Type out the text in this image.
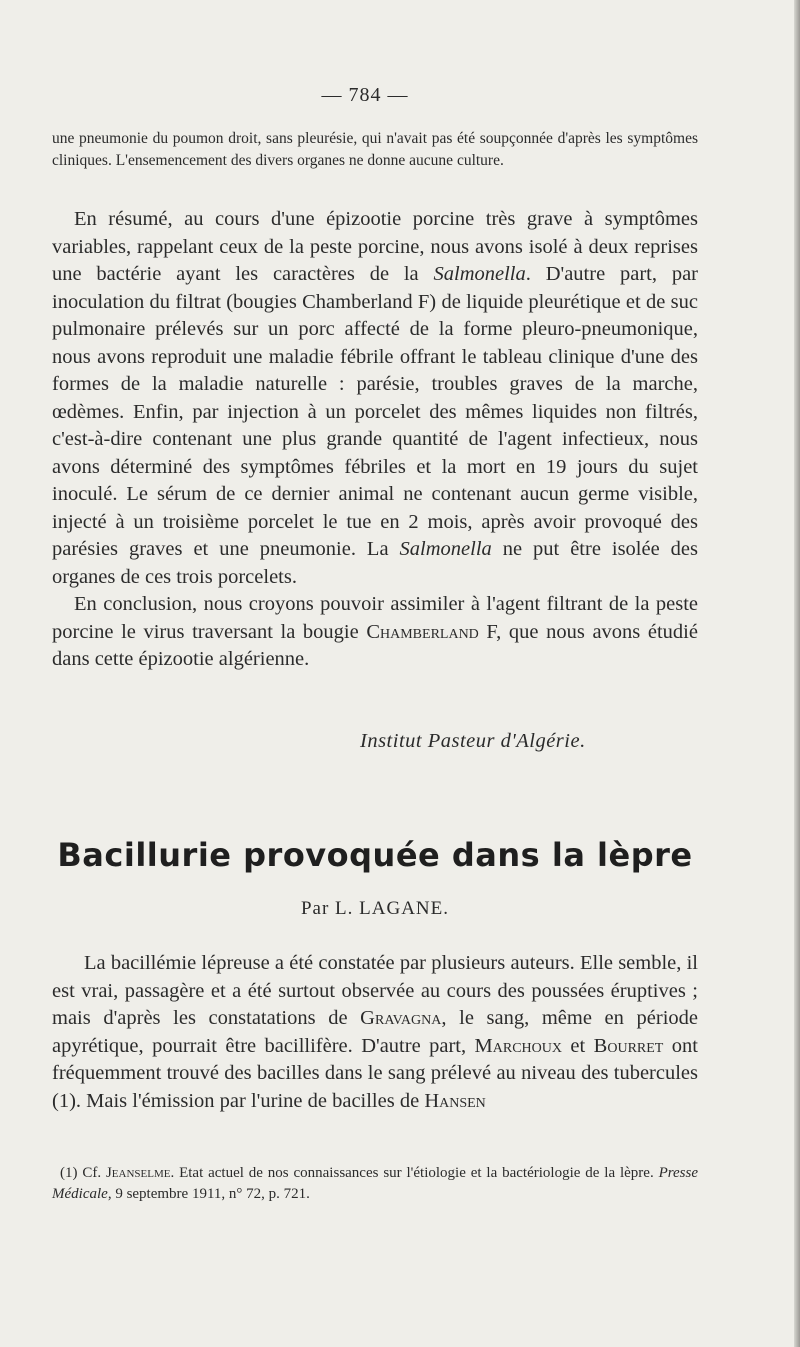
— 784 —

une pneumonie du poumon droit, sans pleurésie, qui n'avait pas été soupçonnée d'après les symptômes cliniques. L'ensemencement des divers organes ne donne aucune culture.

En résumé, au cours d'une épizootie porcine très grave à symptômes variables, rappelant ceux de la peste porcine, nous avons isolé à deux reprises une bactérie ayant les caractères de la Salmonella. D'autre part, par inoculation du filtrat (bougies Chamberland F) de liquide pleurétique et de suc pulmonaire prélevés sur un porc affecté de la forme pleuro-pneumonique, nous avons reproduit une maladie fébrile offrant le tableau clinique d'une des formes de la maladie naturelle : parésie, troubles graves de la marche, œdèmes. Enfin, par injection à un porcelet des mêmes liquides non filtrés, c'est-à-dire contenant une plus grande quantité de l'agent infectieux, nous avons déterminé des symptômes fébriles et la mort en 19 jours du sujet inoculé. Le sérum de ce dernier animal ne contenant aucun germe visible, injecté à un troisième porcelet le tue en 2 mois, après avoir provoqué des parésies graves et une pneumonie. La Salmonella ne put être isolée des organes de ces trois porcelets.

En conclusion, nous croyons pouvoir assimiler à l'agent filtrant de la peste porcine le virus traversant la bougie Chamberland F, que nous avons étudié dans cette épizootie algérienne.

Institut Pasteur d'Algérie.
Bacillurie provoquée dans la lèpre
Par L. LAGANE.

La bacillémie lépreuse a été constatée par plusieurs auteurs. Elle semble, il est vrai, passagère et a été surtout observée au cours des poussées éruptives ; mais d'après les constatations de Gravagna, le sang, même en période apyrétique, pourrait être bacillifère. D'autre part, Marchoux et Bourret ont fréquemment trouvé des bacilles dans le sang prélevé au niveau des tubercules (1). Mais l'émission par l'urine de bacilles de Hansen

(1) Cf. Jeanselme. Etat actuel de nos connaissances sur l'étiologie et la bactériologie de la lèpre. Presse Médicale, 9 septembre 1911, n° 72, p. 721.
